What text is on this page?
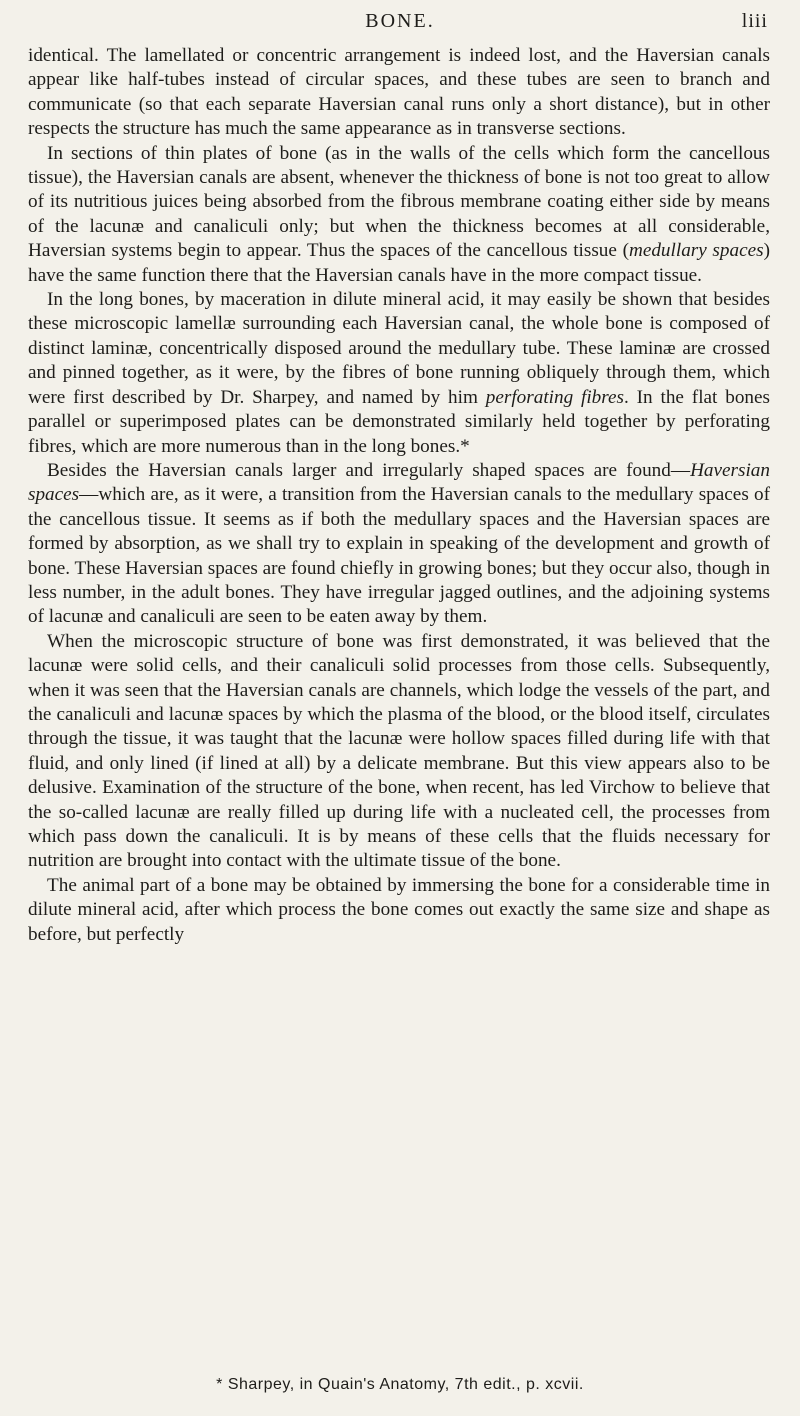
BONE.	liii

identical. The lamellated or concentric arrangement is indeed lost, and the Haversian canals appear like half-tubes instead of circular spaces, and these tubes are seen to branch and communicate (so that each separate Haversian canal runs only a short distance), but in other respects the structure has much the same appearance as in transverse sections.

In sections of thin plates of bone (as in the walls of the cells which form the cancellous tissue), the Haversian canals are absent, whenever the thickness of bone is not too great to allow of its nutritious juices being absorbed from the fibrous membrane coating either side by means of the lacunæ and canaliculi only; but when the thickness becomes at all considerable, Haversian systems begin to appear. Thus the spaces of the cancellous tissue (medullary spaces) have the same function there that the Haversian canals have in the more compact tissue.

In the long bones, by maceration in dilute mineral acid, it may easily be shown that besides these microscopic lamellæ surrounding each Haversian canal, the whole bone is composed of distinct laminæ, concentrically disposed around the medullary tube. These laminæ are crossed and pinned together, as it were, by the fibres of bone running obliquely through them, which were first described by Dr. Sharpey, and named by him perforating fibres. In the flat bones parallel or superimposed plates can be demonstrated similarly held together by perforating fibres, which are more numerous than in the long bones.*

Besides the Haversian canals larger and irregularly shaped spaces are found—Haversian spaces—which are, as it were, a transition from the Haversian canals to the medullary spaces of the cancellous tissue. It seems as if both the medullary spaces and the Haversian spaces are formed by absorption, as we shall try to explain in speaking of the development and growth of bone. These Haversian spaces are found chiefly in growing bones; but they occur also, though in less number, in the adult bones. They have irregular jagged outlines, and the adjoining systems of lacunæ and canaliculi are seen to be eaten away by them.

When the microscopic structure of bone was first demonstrated, it was believed that the lacunæ were solid cells, and their canaliculi solid processes from those cells. Subsequently, when it was seen that the Haversian canals are channels, which lodge the vessels of the part, and the canaliculi and lacunæ spaces by which the plasma of the blood, or the blood itself, circulates through the tissue, it was taught that the lacunæ were hollow spaces filled during life with that fluid, and only lined (if lined at all) by a delicate membrane. But this view appears also to be delusive. Examination of the structure of the bone, when recent, has led Virchow to believe that the so-called lacunæ are really filled up during life with a nucleated cell, the processes from which pass down the canaliculi. It is by means of these cells that the fluids necessary for nutrition are brought into contact with the ultimate tissue of the bone.

The animal part of a bone may be obtained by immersing the bone for a considerable time in dilute mineral acid, after which process the bone comes out exactly the same size and shape as before, but perfectly

* Sharpey, in Quain's Anatomy, 7th edit., p. xcvii.
